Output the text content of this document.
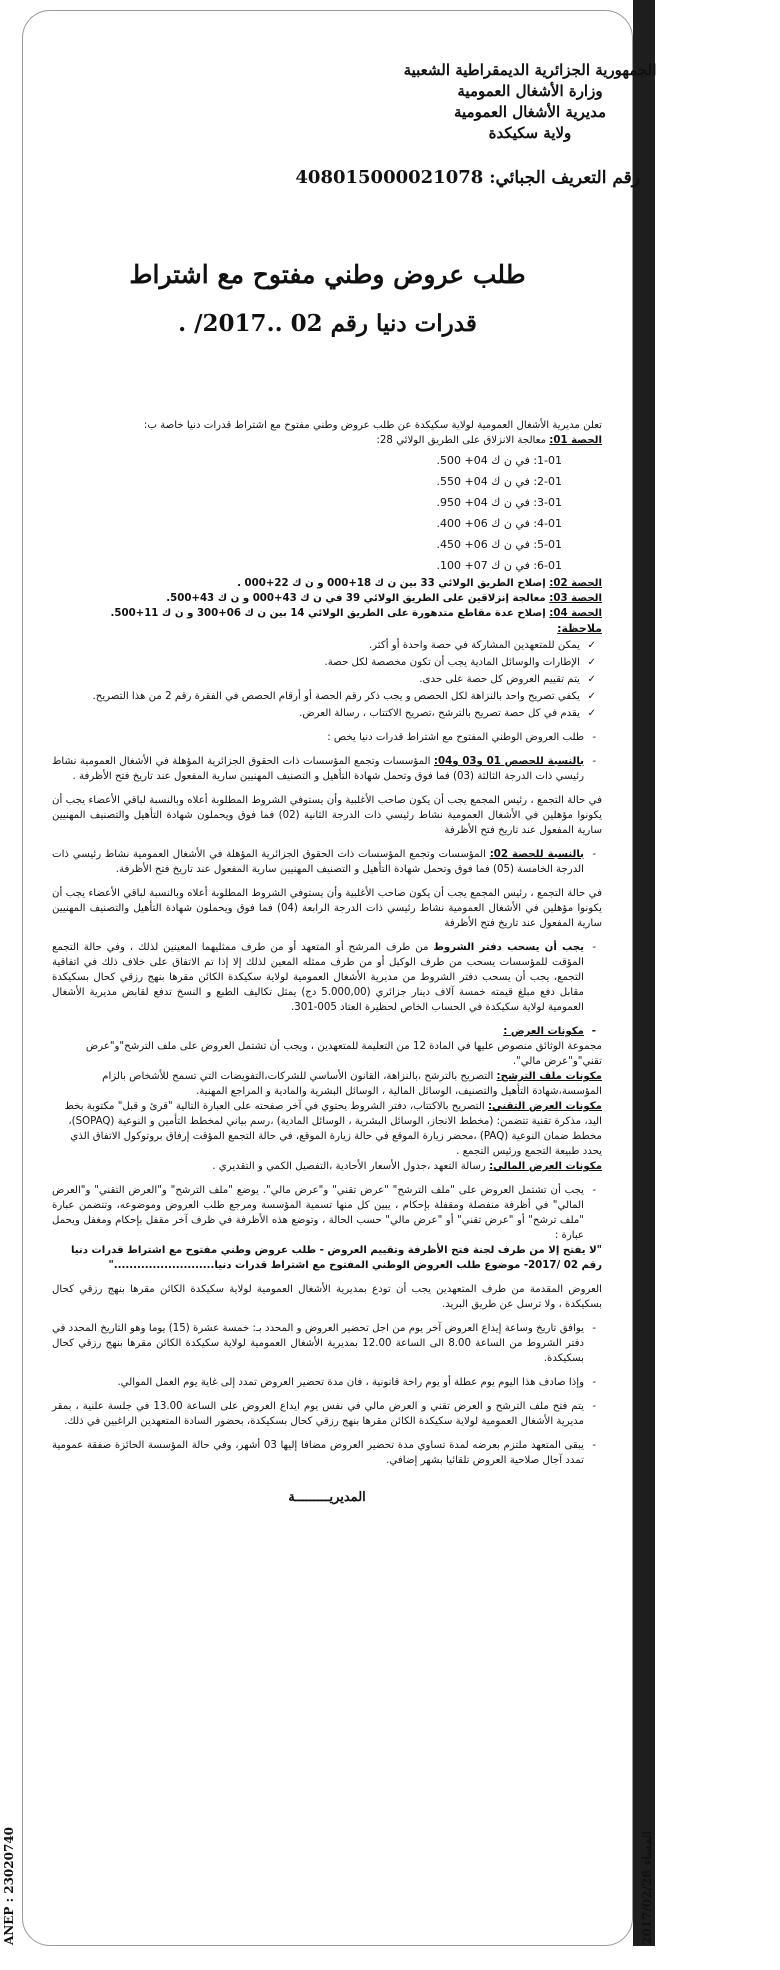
ANEP : 23020740	المساء 2017/02/28
الجمهورية الجزائرية الديمقراطية الشعبية
وزارة الأشغال العمومية
مديرية الأشغال العمومية
ولاية سكيكدة
رقم التعريف الجبائي: 408015000021078
طلب عروض وطني مفتوح مع اشتراط
قدرات دنيا رقم 02 ..2017/ .

تعلن مديرية الأشغال العمومية لولاية سكيكدة عن طلب عروض وطني مفتوح مع اشتراط قدرات دنيا خاصة ب:

الحصة 01: معالجة الانزلاق على الطريق الولائي 28:

1-01: في ن ك 04+ 500.
2-01: في ن ك 04+ 550.
3-01: في ن ك 04+ 950.
4-01: في ن ك 06+ 400.
5-01: في ن ك 06+ 450.
6-01: في ن ك 07+ 100.

الحصة 02: إصلاح الطريق الولائي 33 بين ن ك 18+000 و ن ك 22+000 .

الحصة 03: معالجة إنزلاقين على الطريق الولائي 39 في ن ك 43+000 و ن ك 43+500.

الحصة 04: إصلاح عدة مقاطع متدهورة على الطريق الولائي 14 بين ن ك 06+300 و ن ك 11+500.

ملاحظة:

✓ يمكن للمتعهدين المشاركة في حصة واحدة أو أكثر.
✓ الإطارات والوسائل المادية يجب أن تكون مخصصة لكل حصة.
✓ يتم تقييم العروض كل حصة على حدى.
✓ يكفي تصريح واحد بالنزاهة لكل الحصص و يجب ذكر رقم الحصة أو أرقام الحصص في الفقرة رقم 2 من هذا التصريح.
✓ يقدم في كل حصة تصريح بالترشح ،تصريح الاكتتاب ، رسالة العرض.

- طلب العروض الوطني المفتوح مع اشتراط قدرات دنيا يخص :

- بالنسبة للحصص 01 و03 و04: المؤسسات وتجمع المؤسسات ذات الحقوق الجزائرية المؤهلة في الأشغال العمومية نشاط رئيسي ذات الدرجة الثالثة (03) فما فوق وتحمل شهادة التأهيل و التصنيف المهنيين سارية المفعول عند تاريخ فتح الأظرفة .

في حالة التجمع ، رئيس المجمع يجب أن يكون صاحب الأغلبية وأن يستوفي الشروط المطلوبة أعلاه وبالنسبة لباقي الأعضاء يجب أن يكونوا مؤهلين في الأشغال العمومية نشاط رئيسي ذات الدرجة الثانية (02) فما فوق ويحملون شهادة التأهيل والتصنيف المهنيين سارية المفعول عند تاريخ فتح الأظرفة

- بالنسبة للحصة 02: المؤسسات وتجمع المؤسسات ذات الحقوق الجزائرية المؤهلة في الأشغال العمومية نشاط رئيسي ذات الدرجة الخامسة (05) فما فوق وتحمل شهادة التأهيل و التصنيف المهنيين سارية المفعول عند تاريخ فتح الأظرفة.

في حالة التجمع ، رئيس المجمع يجب أن يكون صاحب الأغلبية وأن يستوفي الشروط المطلوبة أعلاه وبالنسبة لباقي الأعضاء يجب أن يكونوا مؤهلين في الأشغال العمومية نشاط رئيسي ذات الدرجة الرابعة (04) فما فوق ويحملون شهادة التأهيل والتصنيف المهنيين سارية المفعول عند تاريخ فتح الأظرفة

- يجب أن يسحب دفتر الشروط من طرف المرشح أو المتعهد أو من طرف ممثليهما المعينين لذلك ، وفي حالة التجمع المؤقت للمؤسسات يسحب من طرف الوكيل أو من طرف ممثله المعين لذلك إلا إذا تم الاتفاق على خلاف ذلك في اتفاقية التجمع، يجب أن يسحب دفتر الشروط من مديرية الأشغال العمومية لولاية سكيكدة الكائن مقرها بنهج رزقي كحال بسكيكدة مقابل دفع مبلغ قيمته خمسة آلاف دينار جزائري (5.000,00 دج) يمثل تكاليف الطبع و النسخ تدفع لقابض مديرية الأشغال العمومية لولاية سكيكدة في الحساب الخاص لحظيرة العتاد 005-301.

- مكونات العرض :

مجموعة الوثائق منصوص عليها في المادة 12 من التعليمة للمتعهدين ، ويجب أن تشتمل العروض على ملف الترشح"و"عرض تقني"و"عرض مالي".

مكونات ملف الترشح: التصريح بالترشح ،بالنزاهة، القانون الأساسي للشركات،التفويضات التي تسمح للأشخاص بالزام المؤسسة،شهادة التأهيل والتصنيف، الوسائل المالية ، الوسائل البشرية والمادية و المراجع المهنية.

مكونات العرض التقني: التصريح بالاكتتاب، دفتر الشروط يحتوي في آخر صفحته على العبارة التالية "قرئ و قبل" مكتوبة بخط اليد، مذكرة تقنية تتضمن: (مخطط الانجاز، الوسائل البشرية ، الوسائل المادية) ،رسم بياني لمخطط التأمين و النوعية (SOPAQ)، مخطط ضمان النوعية (PAQ) ،محضر زيارة الموقع في حالة زيارة الموقع، في حالة التجمع المؤقت إرفاق بروتوكول الاتفاق الذي يحدد طبيعة التجمع ورئيس التجمع .

مكونات العرض المالي: رسالة التعهد ،جدول الأسعار الأحادية ،التفصيل الكمي و التقديري .

- يجب أن تشتمل العروض على "ملف الترشح" "عرض تقني" و"عرض مالي". يوضع "ملف الترشح" و"العرض التقني" و"العرض المالي" في أظرفة منفصلة ومقفلة بإحكام ، يبين كل منها تسمية المؤسسة ومرجع طلب العروض وموضوعه، وتتضمن عبارة "ملف ترشح" أو "عرض تقني" أو "عرض مالي" حسب الحالة ، وتوضع هذه الأظرفة في ظرف آخر مقفل بإحكام ومغفل ويحمل عبارة :

"لا يفتح إلا من طرف لجنة فتح الأظرفة وتقييم العروض - طلب عروض وطني مفتوح مع اشتراط قدرات دنيا رقم 02 /2017- موضوع طلب العروض الوطني المفتوح مع اشتراط قدرات دنيا.........................."

العروض المقدمة من طرف المتعهدين يجب أن تودع بمديرية الأشغال العمومية لولاية سكيكدة الكائن مقرها بنهج رزقي كحال بسكيكدة ، ولا ترسل عن طريق البريد.

- يوافق تاريخ وساعة إيداع العروض آخر يوم من اجل تحضير العروض و المحدد بـ: خمسة عشرة (15) يوما وهو التاريخ المحدد في دفتر الشروط من الساعة 8.00 الى الساعة 12.00 بمديرية الأشغال العمومية لولاية سكيكدة الكائن مقرها بنهج رزقي كحال بسكيكدة.

- وإذا صادف هذا اليوم يوم عطلة أو يوم راحة قانونية ، فان مدة تحضير العروض تمدد إلى غاية يوم العمل الموالي.

- يتم فتح ملف الترشح و العرض تقني و العرض مالي في نفس يوم ايداع العروض على الساعة 13.00 في جلسة علنية ، بمقر مديرية الأشغال العمومية لولاية سكيكدة الكائن مقرها بنهج رزقي كحال بسكيكدة، بحضور السادة المتعهدين الراغبين في ذلك.

- يبقى المتعهد ملتزم بعرضه لمدة تساوي مدة تحضير العروض مضافا إليها 03 أشهر، وفي حالة المؤسسة الحائزة صفقة عمومية تمدد آجال صلاحية العروض تلقائيا بشهر إضافي.

المديريـــــــــة
